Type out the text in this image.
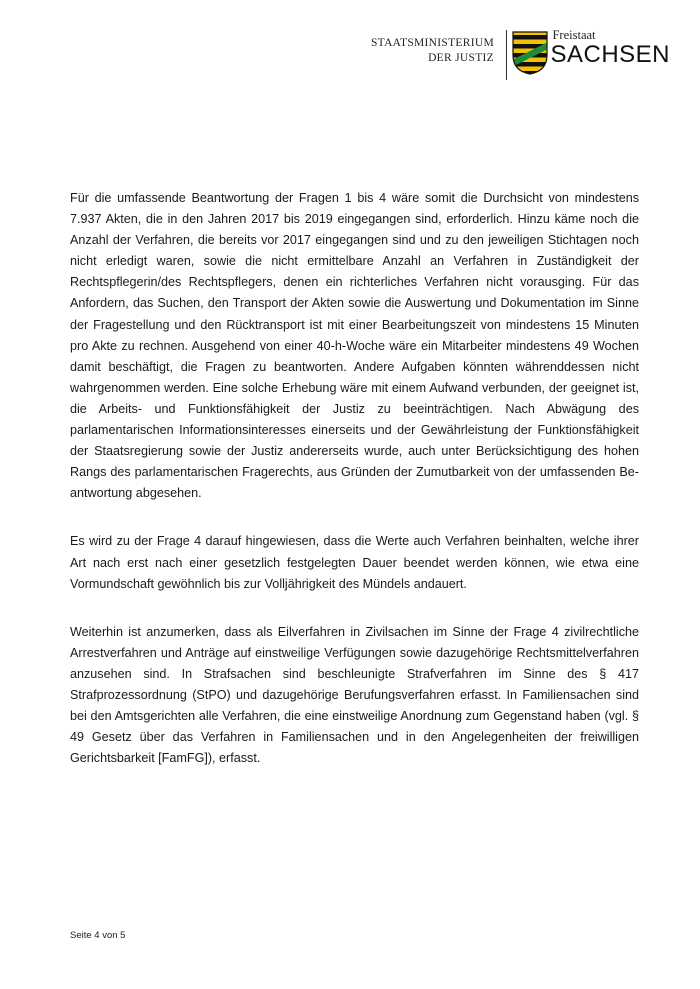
STAATSMINISTERIUM
DER JUSTIZ
Freistaat
SACHSEN

Für die umfassende Beantwortung der Fragen 1 bis 4 wäre somit die Durchsicht von mindestens 7.937 Akten, die in den Jahren 2017 bis 2019 eingegangen sind, erforderlich. Hinzu käme noch die Anzahl der Verfahren, die bereits vor 2017 eingegangen sind und zu den jeweiligen Stichtagen noch nicht erledigt waren, sowie die nicht ermittelbare Anzahl an Verfahren in Zuständigkeit der Rechtspflegerin/des Rechtspflegers, denen ein richterliches Verfahren nicht vorausging. Für das Anfordern, das Suchen, den Transport der Akten sowie die Auswertung und Dokumentation im Sinne der Fragestellung und den Rücktransport ist mit einer Bearbeitungszeit von mindestens 15 Minuten pro Akte zu rechnen. Ausgehend von einer 40-h-Woche wäre ein Mitarbeiter mindestens 49 Wochen damit beschäftigt, die Fragen zu beantworten. Andere Aufgaben könnten währenddessen nicht wahrgenommen werden. Eine solche Erhebung wäre mit einem Aufwand verbunden, der geeignet ist, die Arbeits- und Funktionsfähigkeit der Justiz zu beeinträchtigen. Nach Abwägung des parlamentarischen Informationsinteresses einerseits und der Gewährleistung der Funktionsfähigkeit der Staatsregierung sowie der Justiz andererseits wurde, auch unter Berücksichtigung des hohen Rangs des parlamentarischen Fragerechts, aus Gründen der Zumutbarkeit von der umfassenden Beantwortung abgesehen.

Es wird zu der Frage 4 darauf hingewiesen, dass die Werte auch Verfahren beinhalten, welche ihrer Art nach erst nach einer gesetzlich festgelegten Dauer beendet werden können, wie etwa eine Vormundschaft gewöhnlich bis zur Volljährigkeit des Mündels andauert.

Weiterhin ist anzumerken, dass als Eilverfahren in Zivilsachen im Sinne der Frage 4 zivilrechtliche Arrestverfahren und Anträge auf einstweilige Verfügungen sowie dazugehörige Rechtsmittelverfahren anzusehen sind. In Strafsachen sind beschleunigte Strafverfahren im Sinne des § 417 Strafprozessordnung (StPO) und dazugehörige Berufungsverfahren erfasst. In Familiensachen sind bei den Amtsgerichten alle Verfahren, die eine einstweilige Anordnung zum Gegenstand haben (vgl. § 49 Gesetz über das Verfahren in Familiensachen und in den Angelegenheiten der freiwilligen Gerichtsbarkeit [FamFG]), erfasst.

Seite 4 von 5
